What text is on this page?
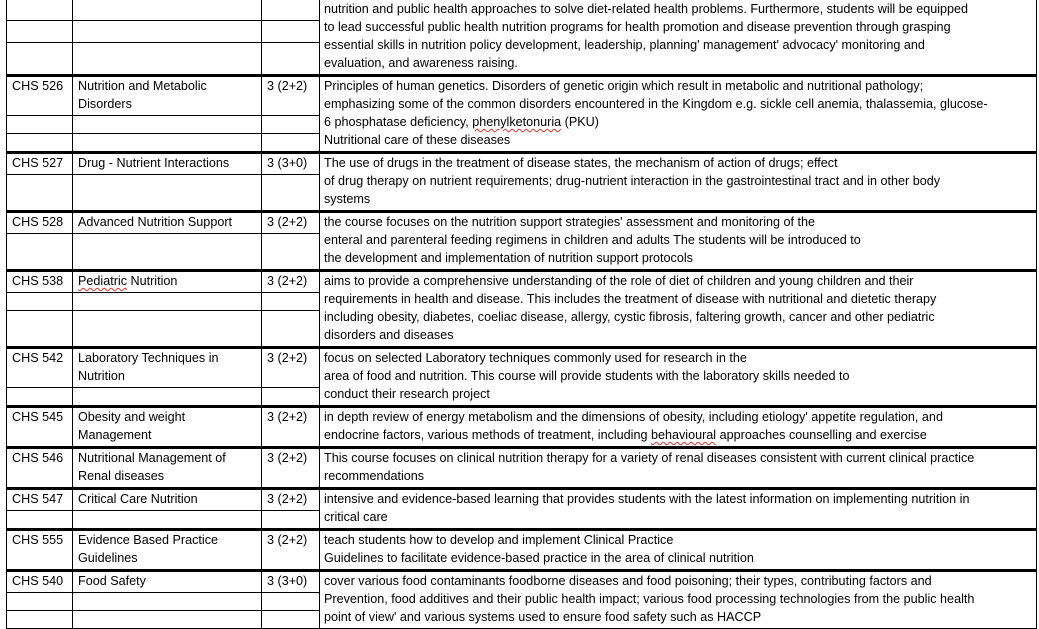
			nutrition and public health approaches to solve diet-related health problems. Furthermore, students will be equipped
to lead successful public health nutrition programs for health promotion and disease prevention through grasping
essential skills in nutrition policy development, leadership, planning' management' advocacy' monitoring and
evaluation, and awareness raising.

CHS 526	Nutrition and Metabolic
Disorders	3 (2+2)	Principles of human genetics. Disorders of genetic origin which result in metabolic and nutritional pathology;
emphasizing some of the common disorders encountered in the Kingdom e.g. sickle cell anemia, thalassemia, glucose-
6 phosphatase deficiency, phenylketonuria (PKU)
Nutritional care of these diseases

CHS 527	Drug - Nutrient Interactions	3 (3+0)	The use of drugs in the treatment of disease states, the mechanism of action of drugs; effect
of drug therapy on nutrient requirements; drug-nutrient interaction in the gastrointestinal tract and in other body
systems

CHS 528	Advanced Nutrition Support	3 (2+2)	the course focuses on the nutrition support strategies' assessment and monitoring of the
enteral and parenteral feeding regimens in children and adults The students will be introduced to
the development and implementation of nutrition support protocols

CHS 538	Pediatric Nutrition	3 (2+2)	aims to provide a comprehensive understanding of the role of diet of children and young children and their
requirements in health and disease. This includes the treatment of disease with nutritional and dietetic therapy
including obesity, diabetes, coeliac disease, allergy, cystic fibrosis, faltering growth, cancer and other pediatric
disorders and diseases

CHS 542	Laboratory Techniques in
Nutrition	3 (2+2)	focus on selected Laboratory techniques commonly used for research in the
area of food and nutrition. This course will provide students with the laboratory skills needed to
conduct their research project

CHS 545	Obesity and weight
Management	3 (2+2)	in depth review of energy metabolism and the dimensions of obesity, including etiology' appetite regulation, and
endocrine factors, various methods of treatment, including behavioural approaches counselling and exercise

CHS 546	Nutritional Management of
Renal diseases	3 (2+2)	This course focuses on clinical nutrition therapy for a variety of renal diseases consistent with current clinical practice
recommendations

CHS 547	Critical Care Nutrition	3 (2+2)	intensive and evidence-based learning that provides students with the latest information on implementing nutrition in
critical care

CHS 555	Evidence Based Practice
Guidelines	3 (2+2)	teach students how to develop and implement Clinical Practice
Guidelines to facilitate evidence-based practice in the area of clinical nutrition

CHS 540	Food Safety	3 (3+0)	cover various food contaminants foodborne diseases and food poisoning; their types, contributing factors and
Prevention, food additives and their public health impact; various food processing technologies from the public health
point of view' and various systems used to ensure food safety such as HACCP
